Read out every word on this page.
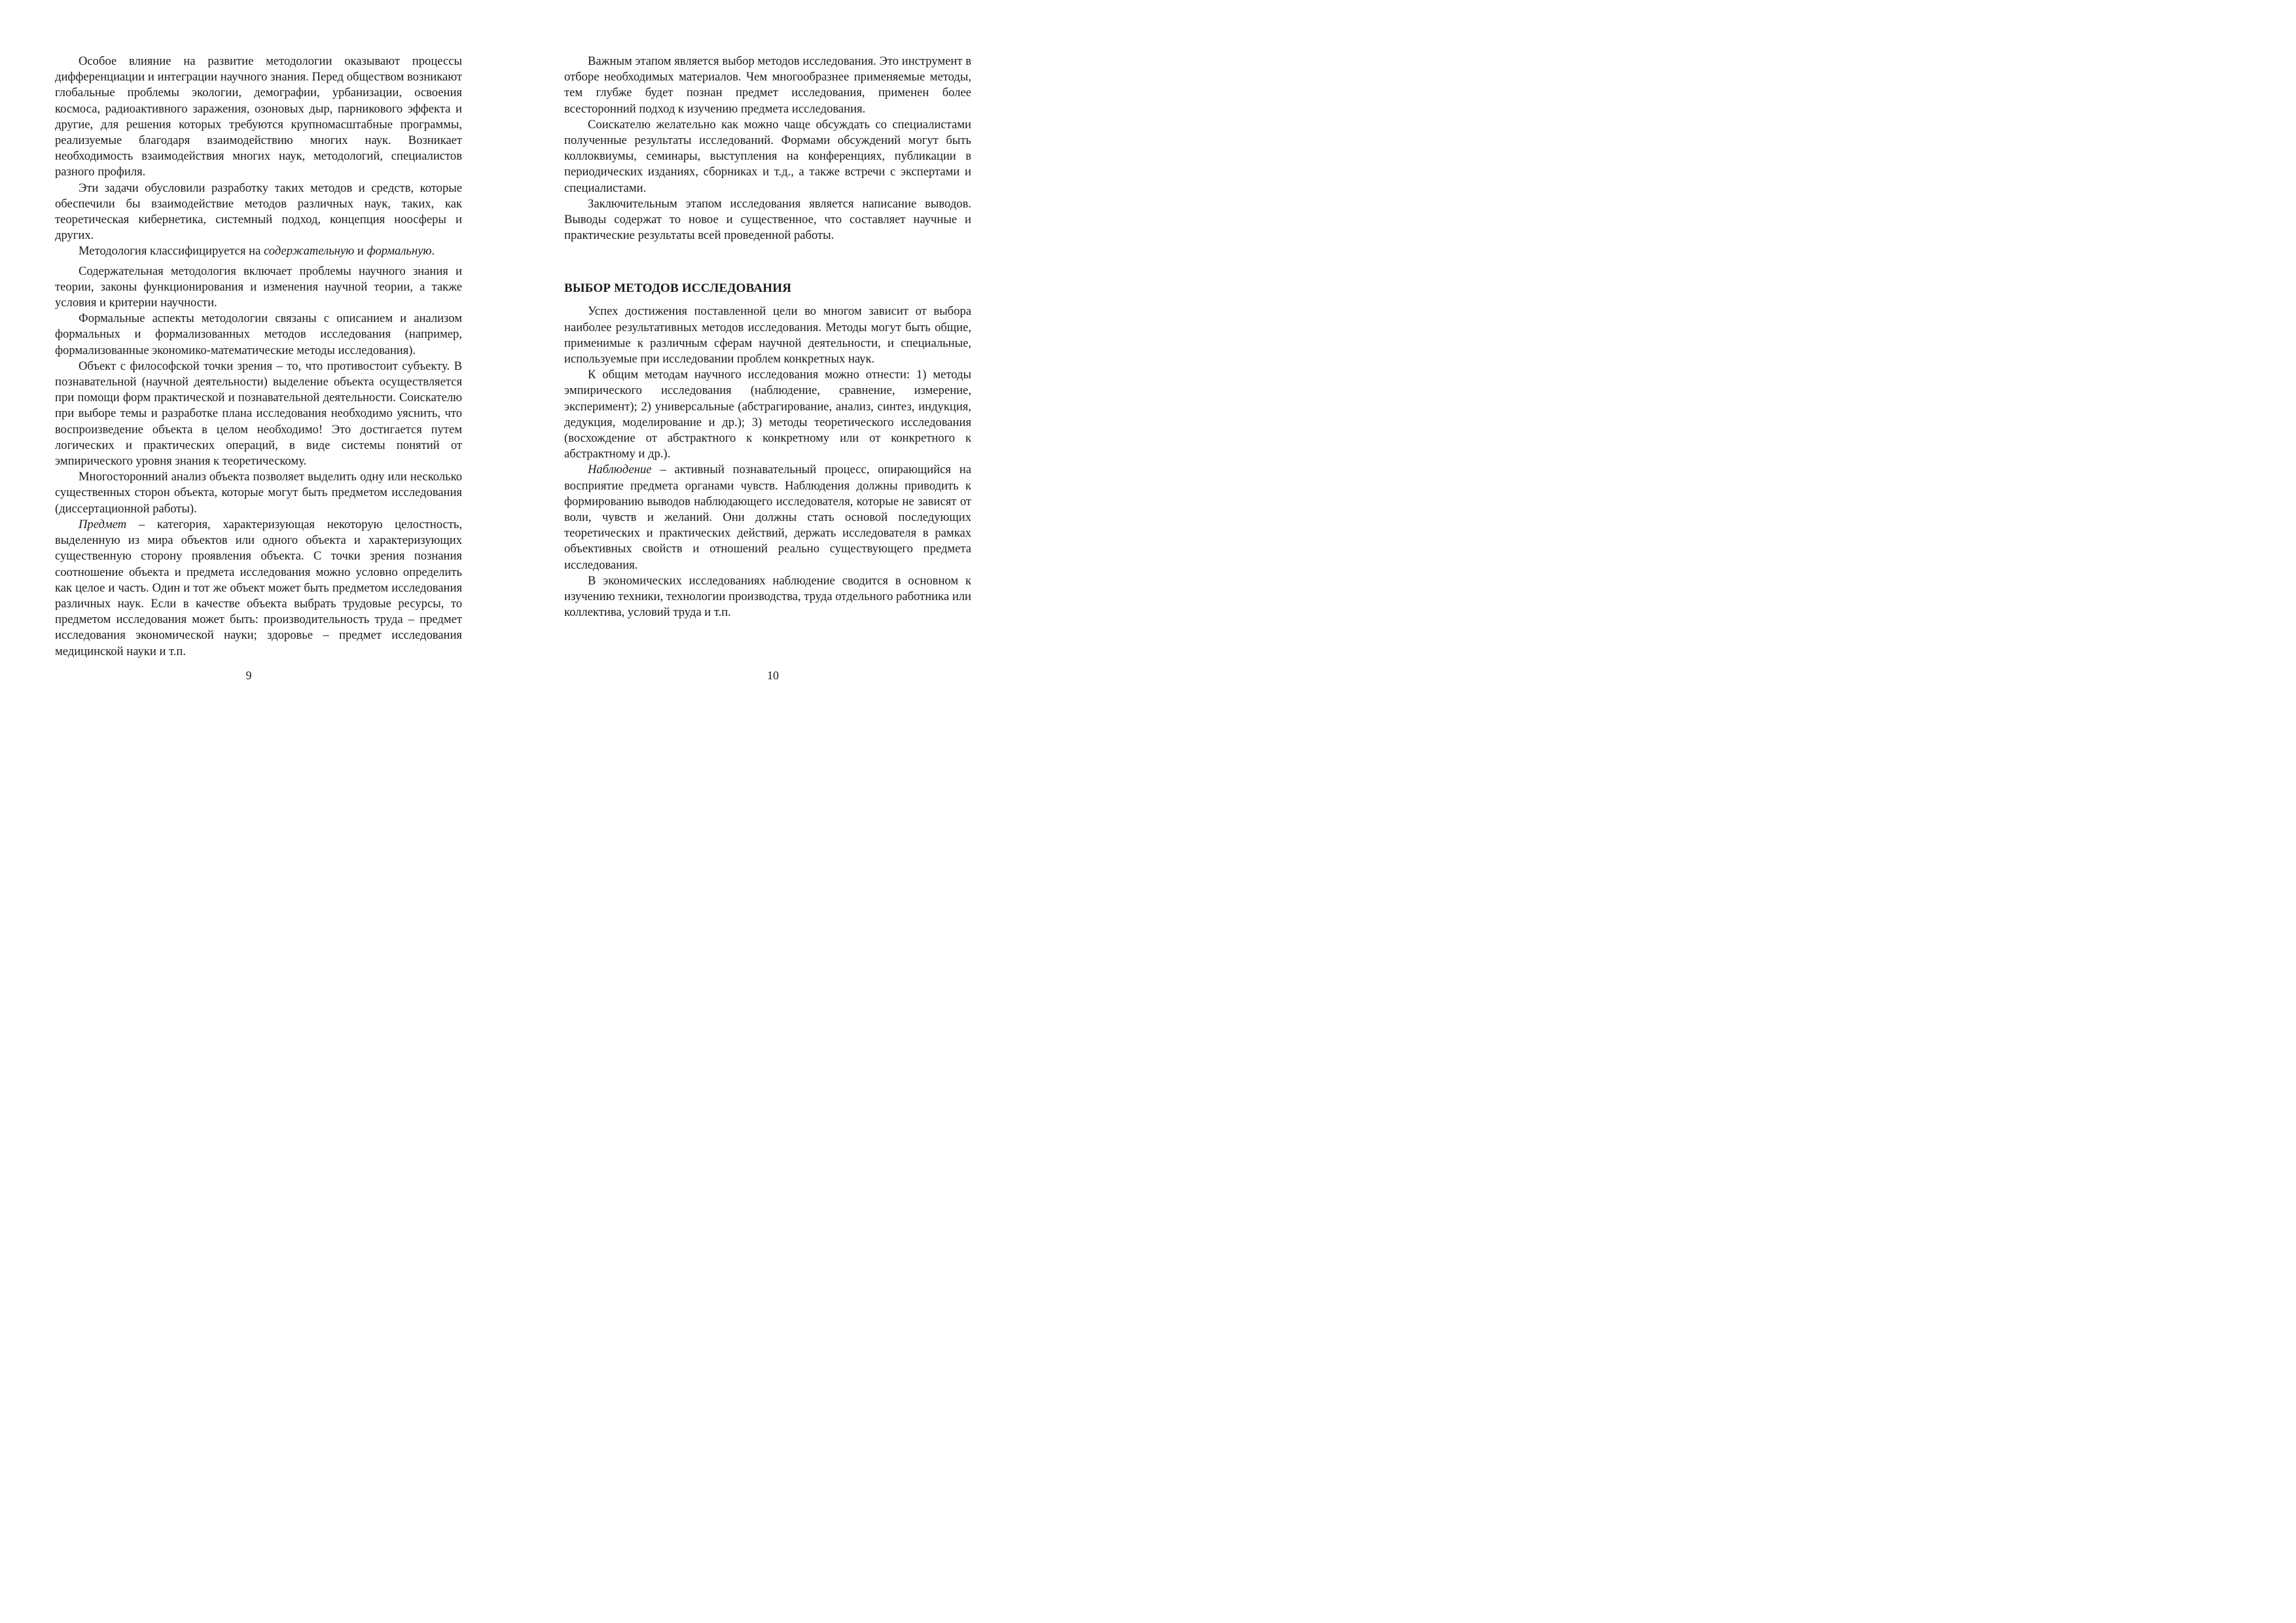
Особое влияние на развитие методологии оказывают процессы дифференциации и интеграции научного знания. Перед обществом возникают глобальные проблемы экологии, демографии, урбанизации, освоения космоса, радиоактивного заражения, озоновых дыр, парникового эффекта и другие, для решения которых требуются крупномасштабные программы, реализуемые благодаря взаимодействию многих наук. Возникает необходимость взаимодействия многих наук, методологий, специалистов разного профиля.

Эти задачи обусловили разработку таких методов и средств, которые обеспечили бы взаимодействие методов различных наук, таких, как теоретическая кибернетика, системный подход, концепция ноосферы и других.

Методология классифицируется на содержательную и формальную.

Содержательная методология включает проблемы научного знания и теории, законы функционирования и изменения научной теории, а также условия и критерии научности.

Формальные аспекты методологии связаны с описанием и анализом формальных и формализованных методов исследования (например, формализованные экономико-математические методы исследования).

Объект с философской точки зрения – то, что противостоит субъекту. В познавательной (научной деятельности) выделение объекта осуществляется при помощи форм практической и познавательной деятельности. Соискателю при выборе темы и разработке плана исследования необходимо уяснить, что воспроизведение объекта в целом необходимо! Это достигается путем логических и практических операций, в виде системы понятий от эмпирического уровня знания к теоретическому.

Многосторонний анализ объекта позволяет выделить одну или несколько существенных сторон объекта, которые могут быть предметом исследования (диссертационной работы).

Предмет – категория, характеризующая некоторую целостность, выделенную из мира объектов или одного объекта и характеризующих существенную сторону проявления объекта. С точки зрения познания соотношение объекта и предмета исследования можно условно определить как целое и часть. Один и тот же объект может быть предметом исследования различных наук. Если в качестве объекта выбрать трудовые ресурсы, то предметом исследования может быть: производительность труда – предмет исследования экономической науки; здоровье – предмет исследования медицинской науки и т.п.

9

Важным этапом является выбор методов исследования. Это инструмент в отборе необходимых материалов. Чем многообразнее применяемые методы, тем глубже будет познан предмет исследования, применен более всесторонний подход к изучению предмета исследования.

Соискателю желательно как можно чаще обсуждать со специалистами полученные результаты исследований. Формами обсуждений могут быть коллоквиумы, семинары, выступления на конференциях, публикации в периодических изданиях, сборниках и т.д., а также встречи с экспертами и специалистами.

Заключительным этапом исследования является написание выводов. Выводы содержат то новое и существенное, что составляет научные и практические результаты всей проведенной работы.

ВЫБОР МЕТОДОВ ИССЛЕДОВАНИЯ

Успех достижения поставленной цели во многом зависит от выбора наиболее результативных методов исследования. Методы могут быть общие, применимые к различным сферам научной деятельности, и специальные, используемые при исследовании проблем конкретных наук.

К общим методам научного исследования можно отнести: 1) методы эмпирического исследования (наблюдение, сравнение, измерение, эксперимент); 2) универсальные (абстрагирование, анализ, синтез, индукция, дедукция, моделирование и др.); 3) методы теоретического исследования (восхождение от абстрактного к конкретному или от конкретного к абстрактному и др.).

Наблюдение – активный познавательный процесс, опирающийся на восприятие предмета органами чувств. Наблюдения должны приводить к формированию выводов наблюдающего исследователя, которые не зависят от воли, чувств и желаний. Они должны стать основой последующих теоретических и практических действий, держать исследователя в рамках объективных свойств и отношений реально существующего предмета исследования.

В экономических исследованиях наблюдение сводится в основном к изучению техники, технологии производства, труда отдельного работника или коллектива, условий труда и т.п.

10
